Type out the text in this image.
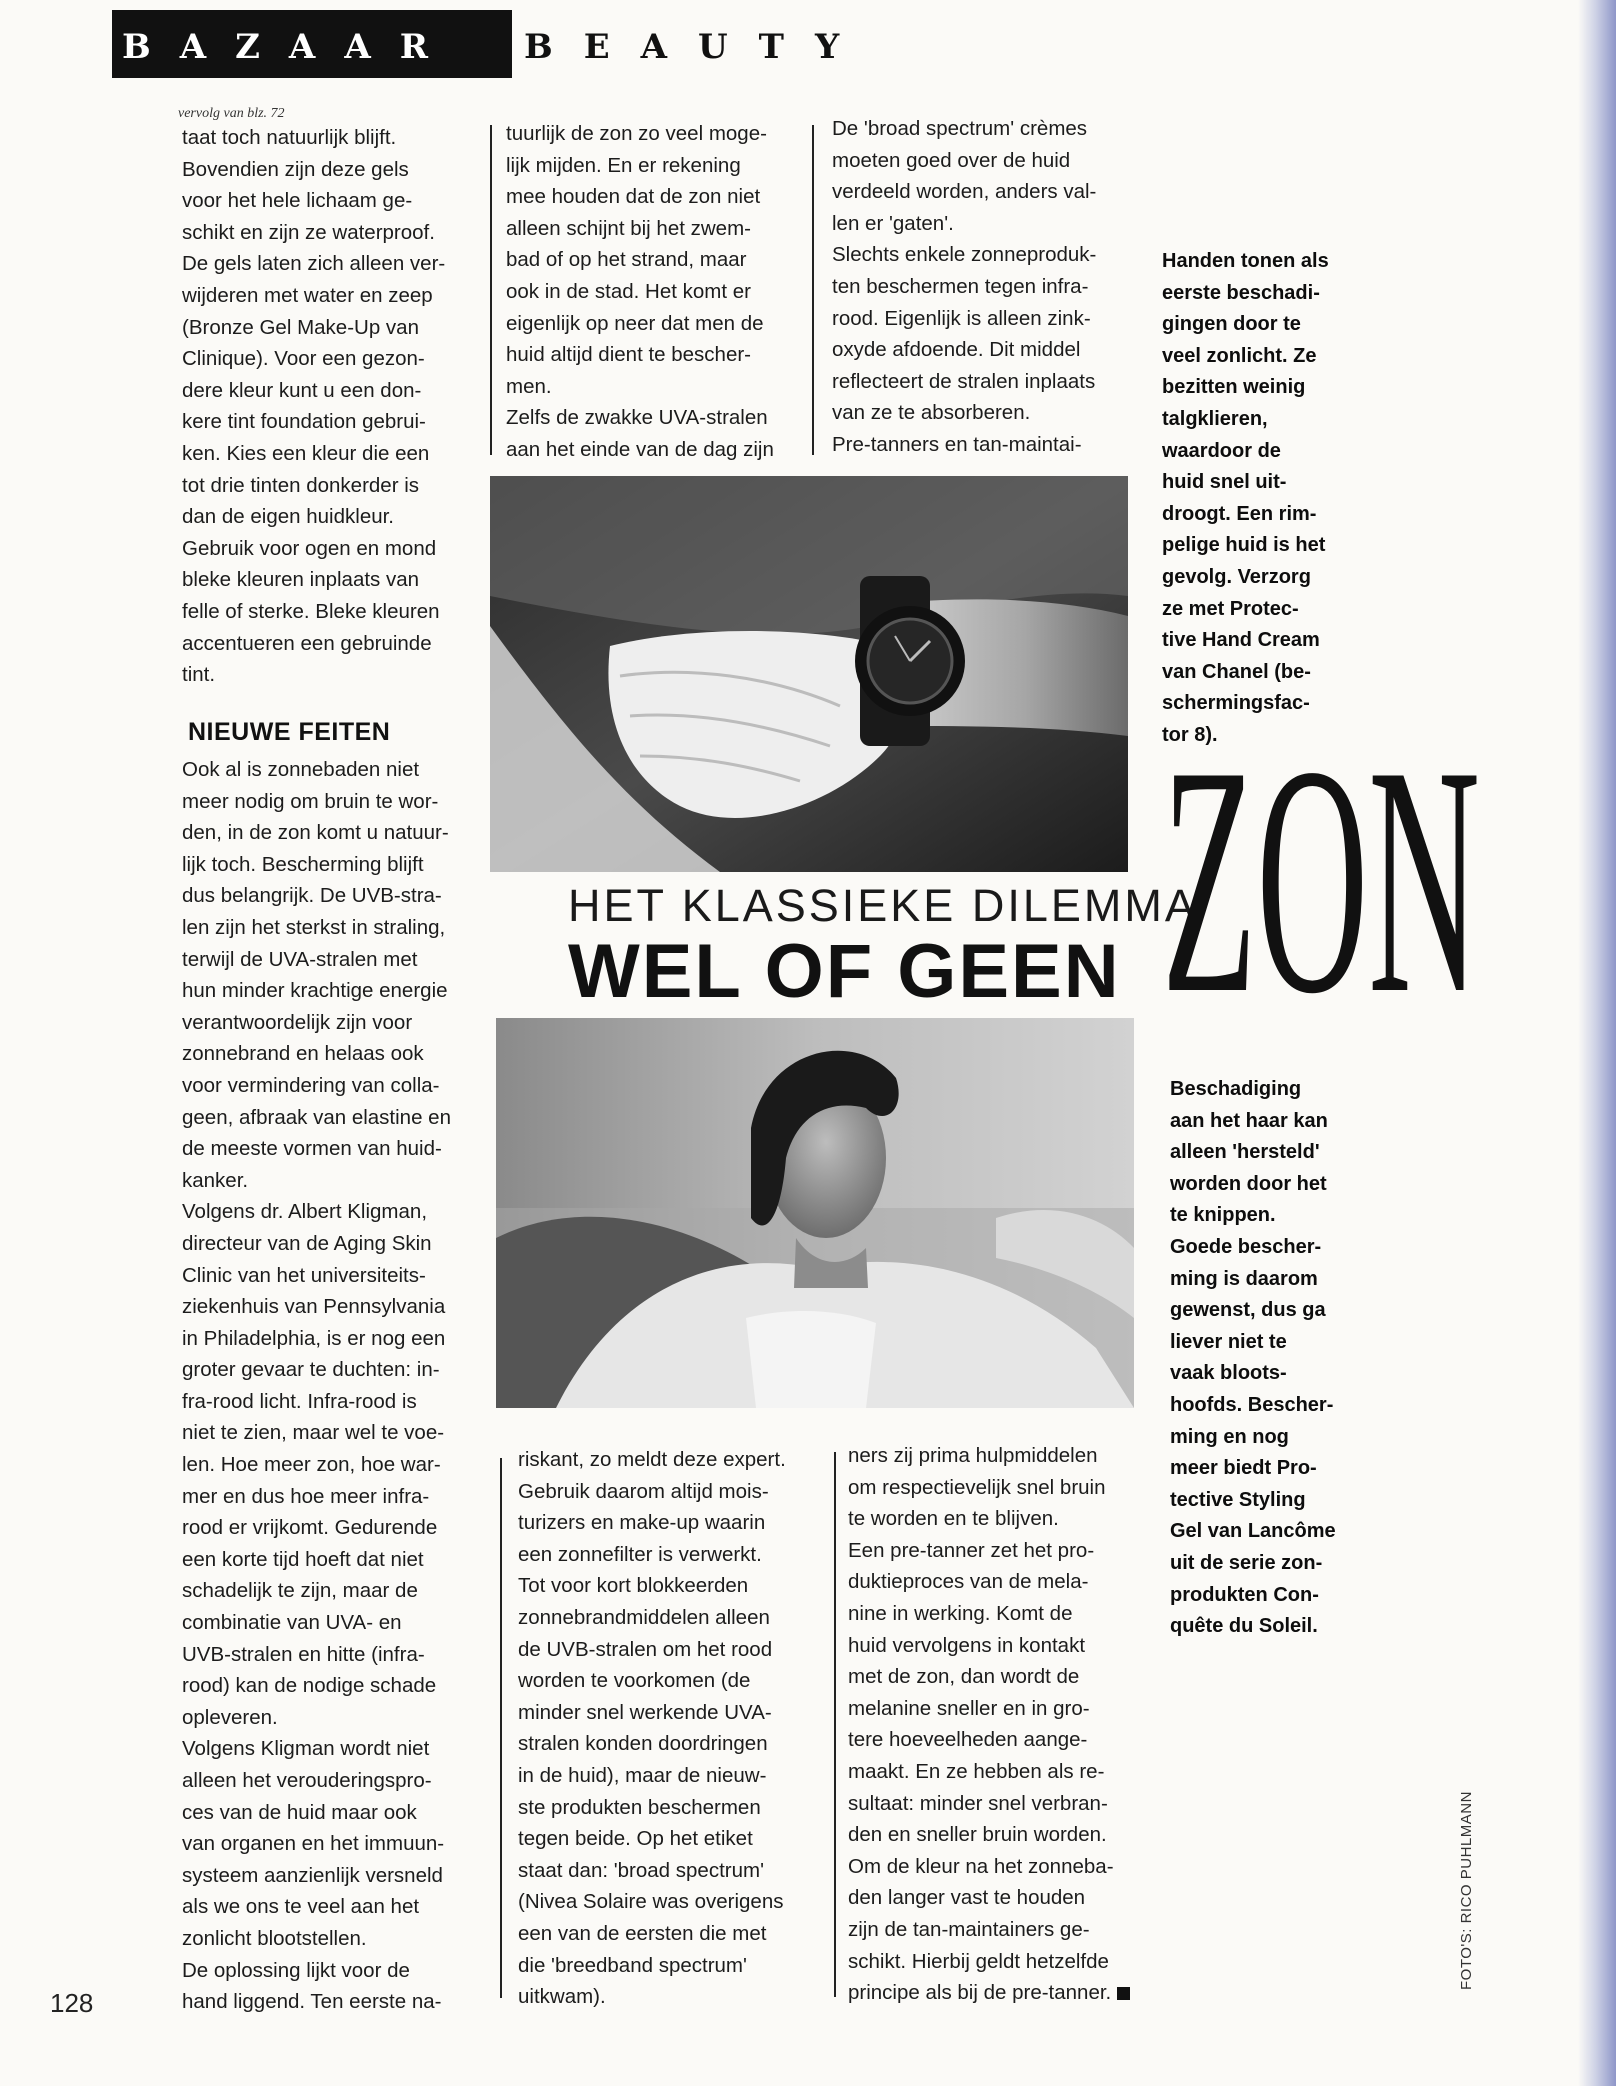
BAZAAR BEAUTY
vervolg van blz. 72

taat toch natuurlijk blijft.

Bovendien zijn deze gels

voor het hele lichaam ge-

schikt en zijn ze waterproof.

De gels laten zich alleen ver-

wijderen met water en zeep

(Bronze Gel Make-Up van

Clinique). Voor een gezon-

dere kleur kunt u een don-

kere tint foundation gebrui-

ken. Kies een kleur die een

tot drie tinten donkerder is

dan de eigen huidkleur.

Gebruik voor ogen en mond

bleke kleuren inplaats van

felle of sterke. Bleke kleuren

accentueren een gebruinde

tint.

NIEUWE FEITEN

Ook al is zonnebaden niet

meer nodig om bruin te wor-

den, in de zon komt u natuur-

lijk toch. Bescherming blijft

dus belangrijk. De UVB-stra-

len zijn het sterkst in straling,

terwijl de UVA-stralen met

hun minder krachtige energie

verantwoordelijk zijn voor

zonnebrand en helaas ook

voor vermindering van colla-

geen, afbraak van elastine en

de meeste vormen van huid-

kanker.

Volgens dr. Albert Kligman,

directeur van de Aging Skin

Clinic van het universiteits-

ziekenhuis van Pennsylvania

in Philadelphia, is er nog een

groter gevaar te duchten: in-

fra-rood licht. Infra-rood is

niet te zien, maar wel te voe-

len. Hoe meer zon, hoe war-

mer en dus hoe meer infra-

rood er vrijkomt. Gedurende

een korte tijd hoeft dat niet

schadelijk te zijn, maar de

combinatie van UVA- en

UVB-stralen en hitte (infra-

rood) kan de nodige schade

opleveren.

Volgens Kligman wordt niet

alleen het verouderingspro-

ces van de huid maar ook

van organen en het immuun-

systeem aanzienlijk versneld

als we ons te veel aan het

zonlicht blootstellen.

De oplossing lijkt voor de

hand liggend. Ten eerste na-

tuurlijk de zon zo veel moge-

lijk mijden. En er rekening

mee houden dat de zon niet

alleen schijnt bij het zwem-

bad of op het strand, maar

ook in de stad. Het komt er

eigenlijk op neer dat men de

huid altijd dient te bescher-

men.

Zelfs de zwakke UVA-stralen

aan het einde van de dag zijn

De 'broad spectrum' crèmes

moeten goed over de huid

verdeeld worden, anders val-

len er 'gaten'.

Slechts enkele zonneproduk-

ten beschermen tegen infra-

rood. Eigenlijk is alleen zink-

oxyde afdoende. Dit middel

reflecteert de stralen inplaats

van ze te absorberen.

Pre-tanners en tan-maintai-

Handen tonen als

eerste beschadi-

gingen door te

veel zonlicht. Ze

bezitten weinig

talgklieren,

waardoor de

huid snel uit-

droogt. Een rim-

pelige huid is het

gevolg. Verzorg

ze met Protec-

tive Hand Cream

van Chanel (be-

schermingsfac-

tor 8).

HET KLASSIEKE DILEMMA
WEL OF GEEN ZON

Beschadiging

aan het haar kan

alleen 'hersteld'

worden door het

te knippen.

Goede bescher-

ming is daarom

gewenst, dus ga

liever niet te

vaak bloots-

hoofds. Bescher-

ming en nog

meer biedt Pro-

tective Styling

Gel van Lancôme

uit de serie zon-

produkten Con-

quête du Soleil.

riskant, zo meldt deze expert.

Gebruik daarom altijd mois-

turizers en make-up waarin

een zonnefilter is verwerkt.

Tot voor kort blokkeerden

zonnebrandmiddelen alleen

de UVB-stralen om het rood

worden te voorkomen (de

minder snel werkende UVA-

stralen konden doordringen

in de huid), maar de nieuw-

ste produkten beschermen

tegen beide. Op het etiket

staat dan: 'broad spectrum'

(Nivea Solaire was overigens

een van de eersten die met

die 'breedband spectrum'

uitkwam).

ners zij prima hulpmiddelen

om respectievelijk snel bruin

te worden en te blijven.

Een pre-tanner zet het pro-

duktieproces van de mela-

nine in werking. Komt de

huid vervolgens in kontakt

met de zon, dan wordt de

melanine sneller en in gro-

tere hoeveelheden aange-

maakt. En ze hebben als re-

sultaat: minder snel verbran-

den en sneller bruin worden.

Om de kleur na het zonneba-

den langer vast te houden

zijn de tan-maintainers ge-

schikt. Hierbij geldt hetzelfde

principe als bij de pre-tanner.

128
FOTO'S: RICO PUHLMANN
